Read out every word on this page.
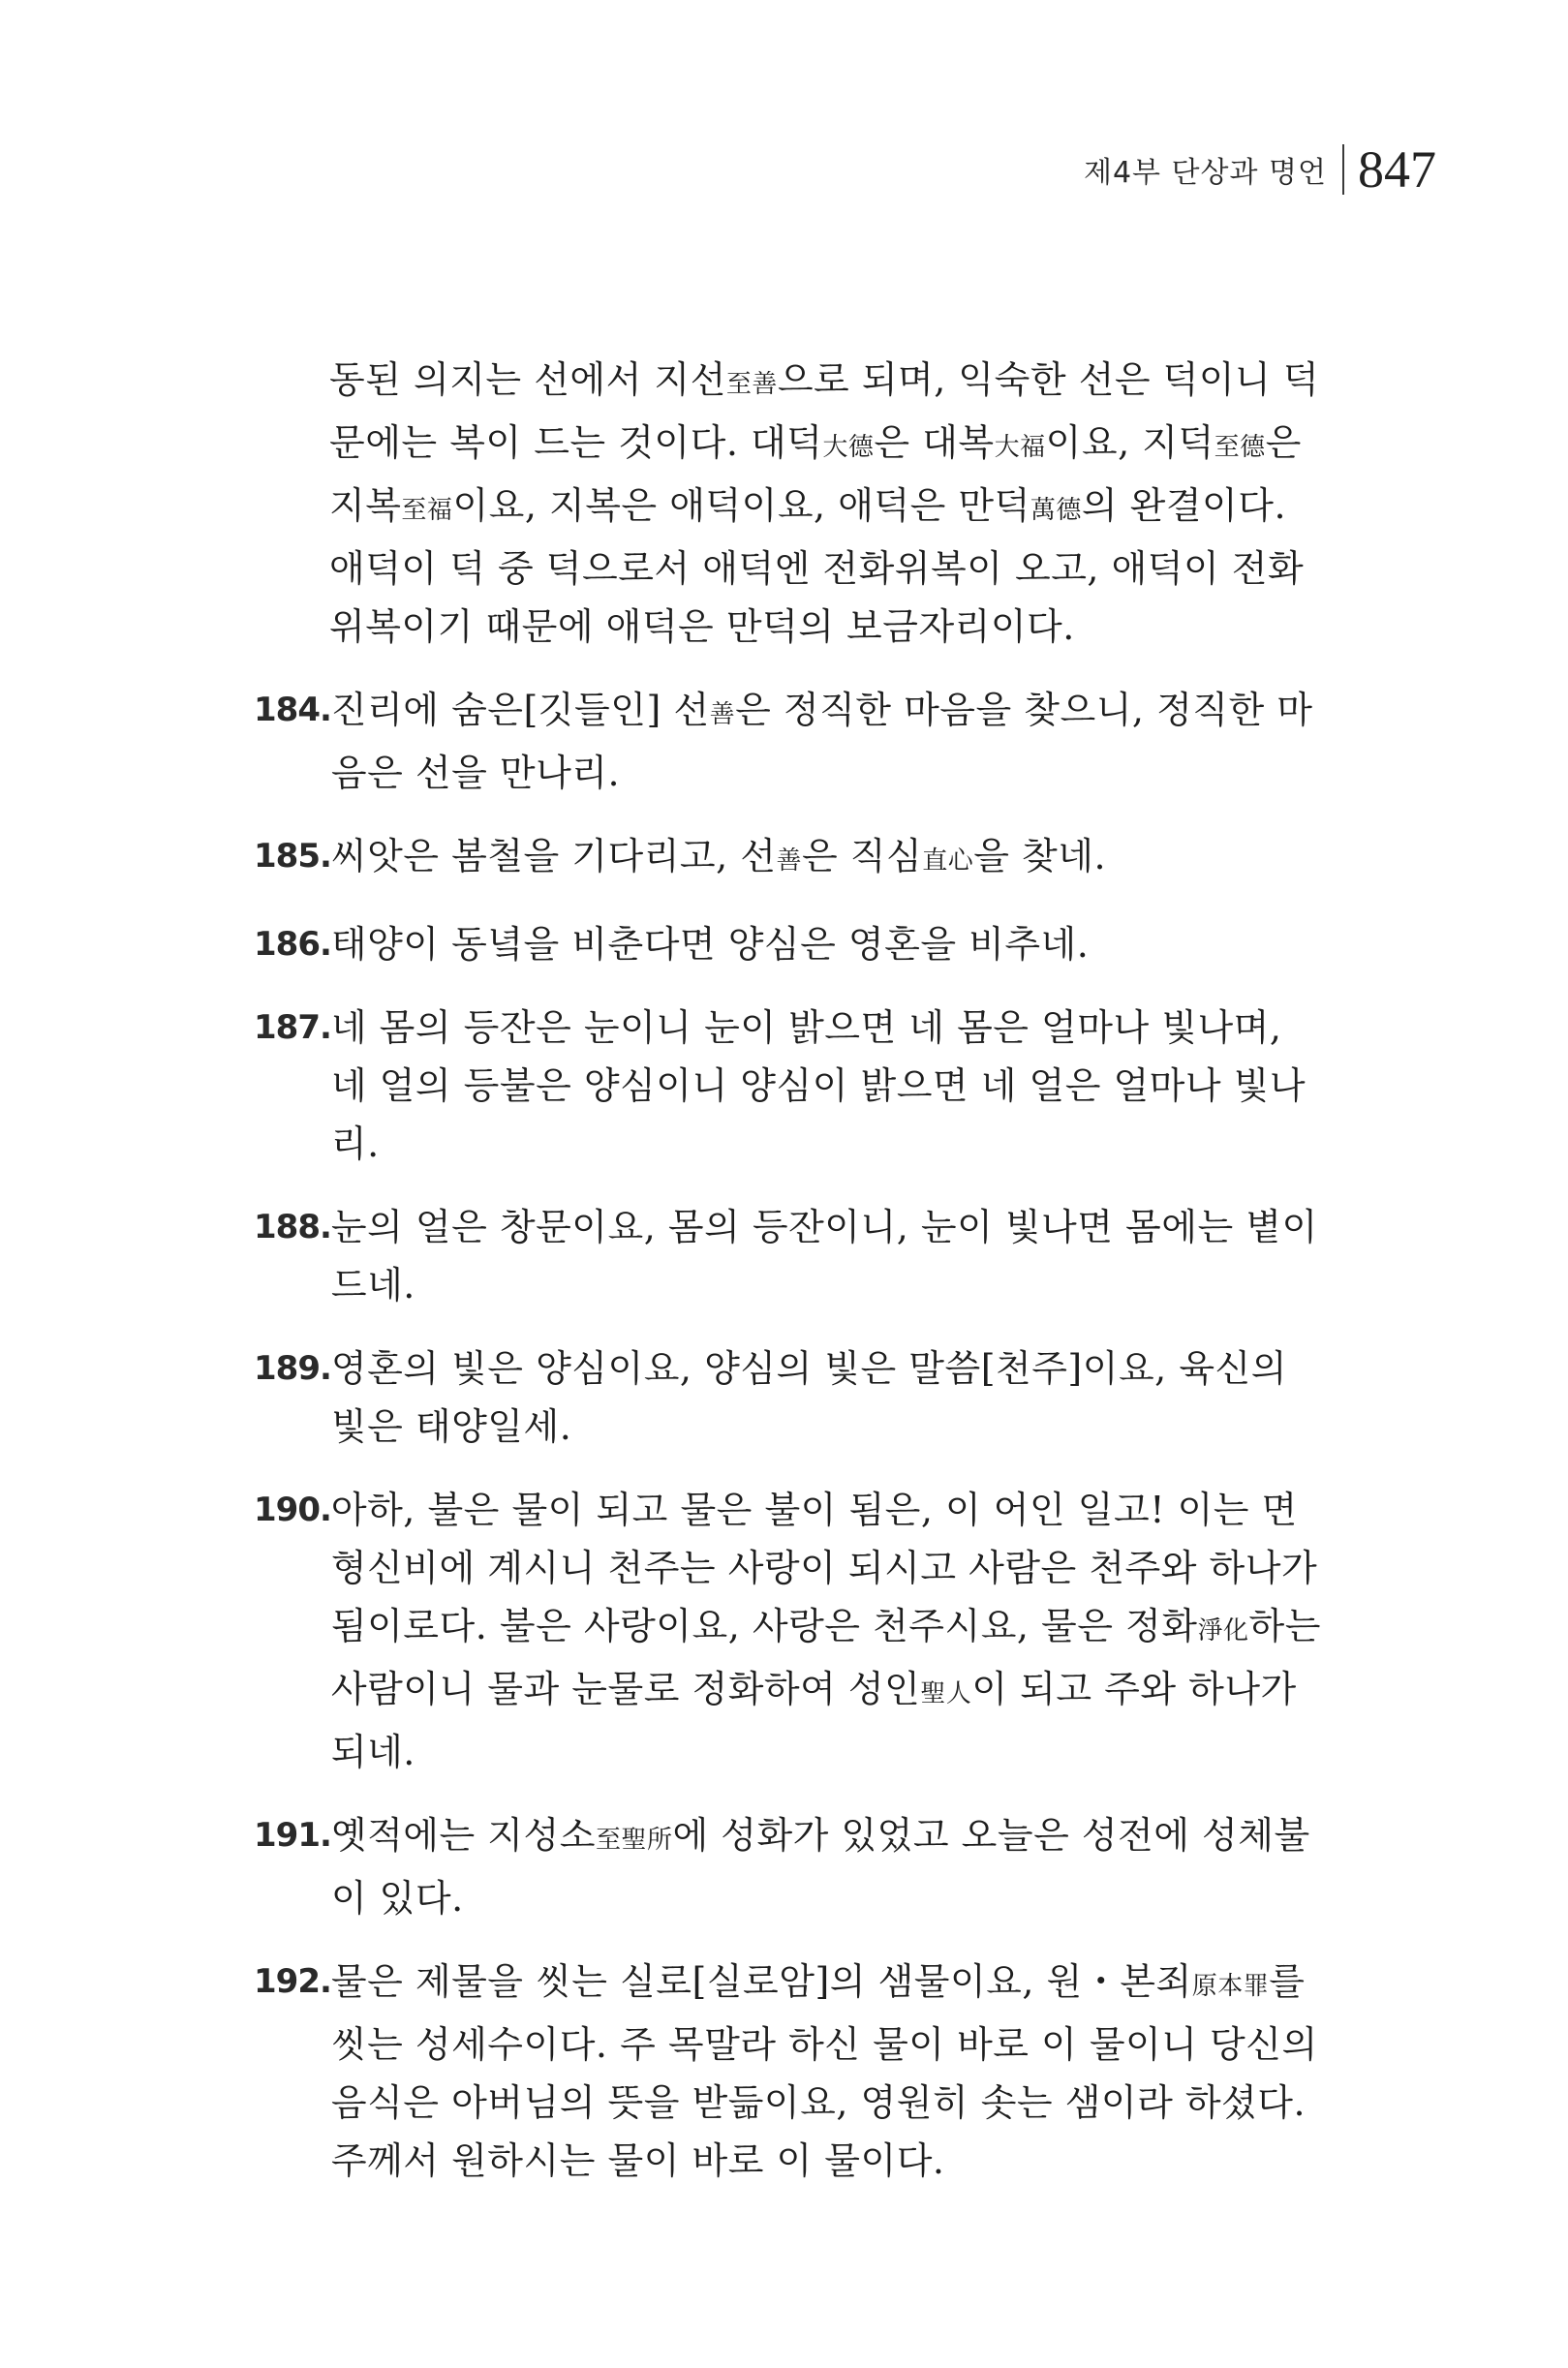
제4부 단상과 명언 847
동된 의지는 선에서 지선至善으로 되며, 익숙한 선은 덕이니 덕문에는 복이 드는 것이다. 대덕大德은 대복大福이요, 지덕至德은 지복至福이요, 지복은 애덕이요, 애덕은 만덕萬德의 완결이다. 애덕이 덕 중 덕으로서 애덕엔 전화위복이 오고, 애덕이 전화위복이기 때문에 애덕은 만덕의 보금자리이다.
184. 진리에 숨은[깃들인] 선善은 정직한 마음을 찾으니, 정직한 마음은 선을 만나리.
185. 씨앗은 봄철을 기다리고, 선善은 직심直心을 찾네.
186. 태양이 동녘을 비춘다면 양심은 영혼을 비추네.
187. 네 몸의 등잔은 눈이니 눈이 밝으면 네 몸은 얼마나 빛나며, 네 얼의 등불은 양심이니 양심이 밝으면 네 얼은 얼마나 빛나리.
188. 눈의 얼은 창문이요, 몸의 등잔이니, 눈이 빛나면 몸에는 볕이 드네.
189. 영혼의 빛은 양심이요, 양심의 빛은 말씀[천주]이요, 육신의 빛은 태양일세.
190. 아하, 불은 물이 되고 물은 불이 됨은, 이 어인 일고! 이는 면형신비에 계시니 천주는 사랑이 되시고 사람은 천주와 하나가 됨이로다. 불은 사랑이요, 사랑은 천주시요, 물은 정화淨化하는 사람이니 물과 눈물로 정화하여 성인聖人이 되고 주와 하나가 되네.
191. 옛적에는 지성소至聖所에 성화가 있었고 오늘은 성전에 성체불이 있다.
192. 물은 제물을 씻는 실로[실로암]의 샘물이요, 원・본죄原本罪를 씻는 성세수이다. 주 목말라 하신 물이 바로 이 물이니 당신의 음식은 아버님의 뜻을 받듦이요, 영원히 솟는 샘이라 하셨다. 주께서 원하시는 물이 바로 이 물이다.
